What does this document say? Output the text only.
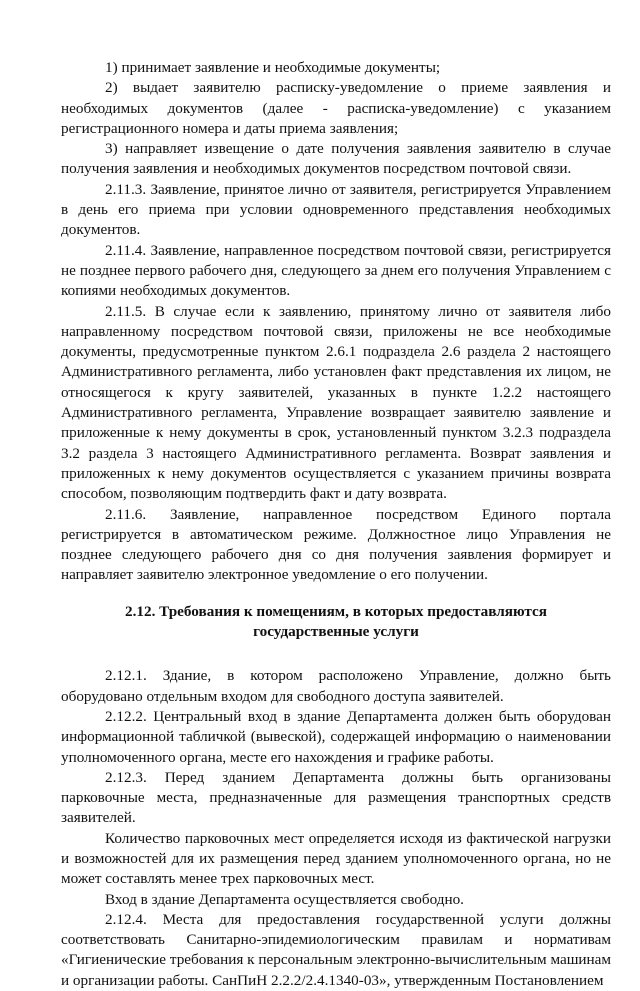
1) принимает заявление и необходимые документы;

2) выдает заявителю расписку-уведомление о приеме заявления и необходимых документов (далее - расписка-уведомление) с указанием регистрационного номера и даты приема заявления;

3) направляет извещение о дате получения заявления заявителю в случае получения заявления и необходимых документов посредством почтовой связи.

2.11.3. Заявление, принятое лично от заявителя, регистрируется Управлением в день его приема при условии одновременного представления необходимых документов.

2.11.4. Заявление, направленное посредством почтовой связи, регистрируется не позднее первого рабочего дня, следующего за днем его получения Управлением с копиями необходимых документов.

2.11.5. В случае если к заявлению, принятому лично от заявителя либо направленному посредством почтовой связи, приложены не все необходимые документы, предусмотренные пунктом 2.6.1 подраздела 2.6 раздела 2 настоящего Административного регламента, либо установлен факт представления их лицом, не относящегося к кругу заявителей, указанных в пункте 1.2.2 настоящего Административного регламента, Управление возвращает заявителю заявление и приложенные к нему документы в срок, установленный пунктом 3.2.3 подраздела 3.2 раздела 3 настоящего Административного регламента. Возврат заявления и приложенных к нему документов осуществляется с указанием причины возврата способом, позволяющим подтвердить факт и дату возврата.

2.11.6. Заявление, направленное посредством Единого портала регистрируется в автоматическом режиме. Должностное лицо Управления не позднее следующего рабочего дня со дня получения заявления формирует и направляет заявителю электронное уведомление о его получении.

2.12. Требования к помещениям, в которых предоставляются государственные услуги

2.12.1. Здание, в котором расположено Управление, должно быть оборудовано отдельным входом для свободного доступа заявителей.

2.12.2. Центральный вход в здание Департамента должен быть оборудован информационной табличкой (вывеской), содержащей информацию о наименовании уполномоченного органа, месте его нахождения и графике работы.

2.12.3. Перед зданием Департамента должны быть организованы парковочные места, предназначенные для размещения транспортных средств заявителей.

Количество парковочных мест определяется исходя из фактической нагрузки и возможностей для их размещения перед зданием уполномоченного органа, но не может составлять менее трех парковочных мест.

Вход в здание Департамента осуществляется свободно.

2.12.4. Места для предоставления государственной услуги должны соответствовать Санитарно-эпидемиологическим правилам и нормативам «Гигиенические требования к персональным электронно-вычислительным машинам и организации работы. СанПиН 2.2.2/2.4.1340-03», утвержденным Постановлением
